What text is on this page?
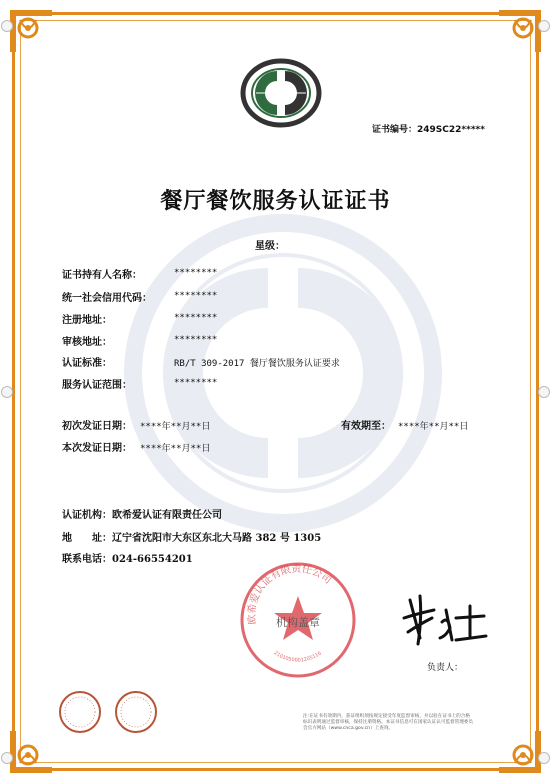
证书编号：249SC22*****
餐厅餐饮服务认证证书
星级：
证书持有人名称：	********
统一社会信用代码： ********
注册地址：	********
审核地址：	********
认证标准：	RB/T 309-2017 餐厅餐饮服务认证要求
服务认证范围：	********
初次发证日期： ****年**月**日	有效期至： ****年**月**日
本次发证日期： ****年**月**日
认证机构：欧希爱认证有限责任公司
地　　址：辽宁省沈阳市大东区东北大马路 382 号 1305
联系电话：024-66554201
欧希爱认证有限责任公司
机构盖章
2101050001205116
负责人：
注:在证书有效期内，获证组织须按规定接受年度监督审核，并以验在证书上的合格标识表明通过监督审核，保持注册资格。本证书信息可在国家认证认可监督管理委员会官方网站（www.cnca.gov.cn）上查询。
